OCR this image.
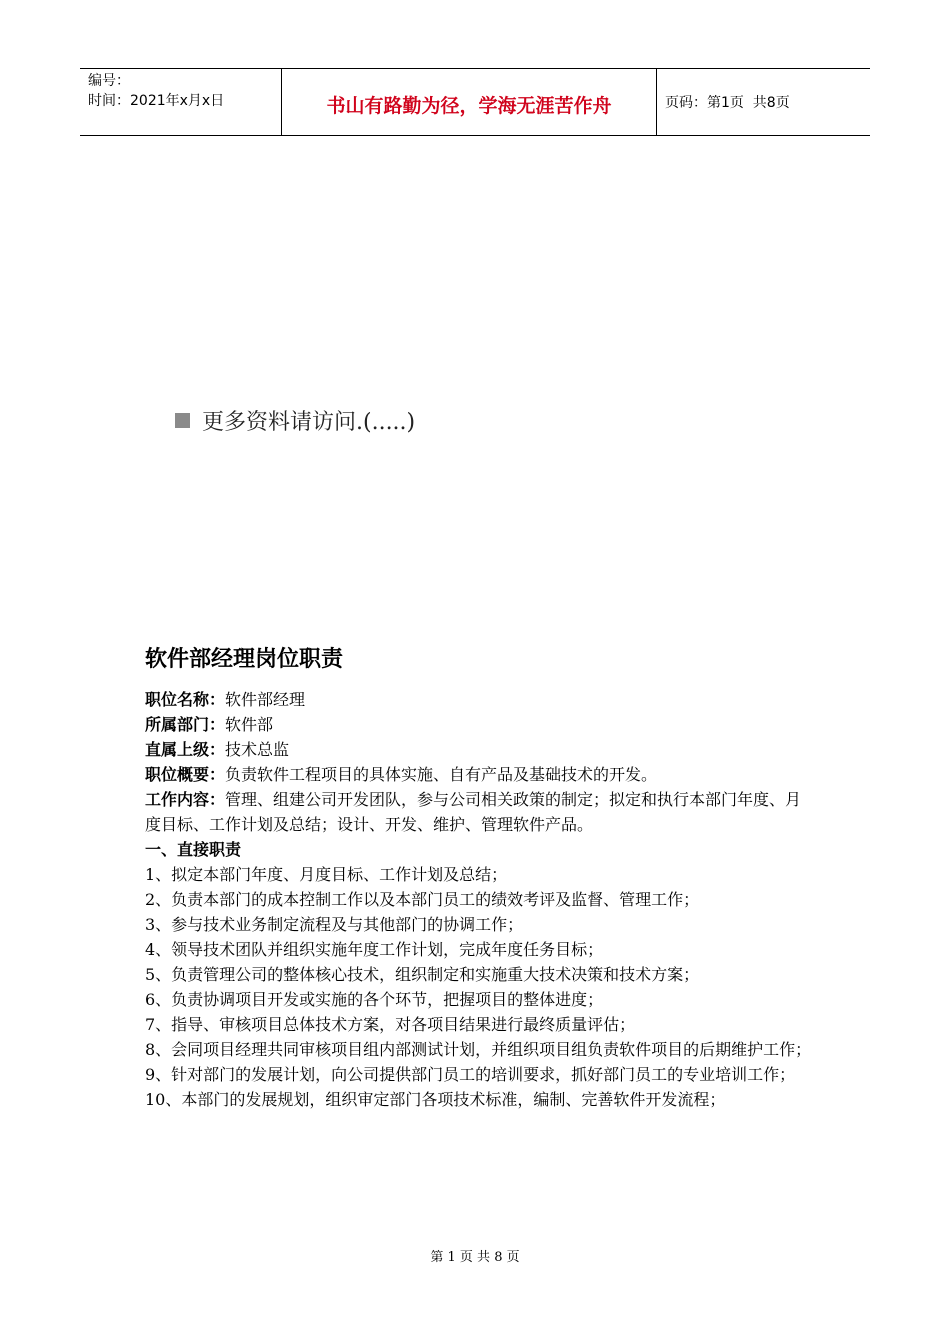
编号：
时间：2021年x月x日	书山有路勤为径，学海无涯苦作舟	页码：第1页  共8页
更多资料请访问.(.....)
软件部经理岗位职责
职位名称：软件部经理
所属部门：软件部
直属上级：技术总监
职位概要：负责软件工程项目的具体实施、自有产品及基础技术的开发。
工作内容：管理、组建公司开发团队，参与公司相关政策的制定；拟定和执行本部门年度、月度目标、工作计划及总结；设计、开发、维护、管理软件产品。
一、直接职责
1、拟定本部门年度、月度目标、工作计划及总结；
2、负责本部门的成本控制工作以及本部门员工的绩效考评及监督、管理工作；
3、参与技术业务制定流程及与其他部门的协调工作；
4、领导技术团队并组织实施年度工作计划，完成年度任务目标；
5、负责管理公司的整体核心技术，组织制定和实施重大技术决策和技术方案；
6、负责协调项目开发或实施的各个环节，把握项目的整体进度；
7、指导、审核项目总体技术方案，对各项目结果进行最终质量评估；
8、会同项目经理共同审核项目组内部测试计划，并组织项目组负责软件项目的后期维护工作；
9、针对部门的发展计划，向公司提供部门员工的培训要求，抓好部门员工的专业培训工作；
10、本部门的发展规划，组织审定部门各项技术标准，编制、完善软件开发流程；
第 1 页 共 8 页
